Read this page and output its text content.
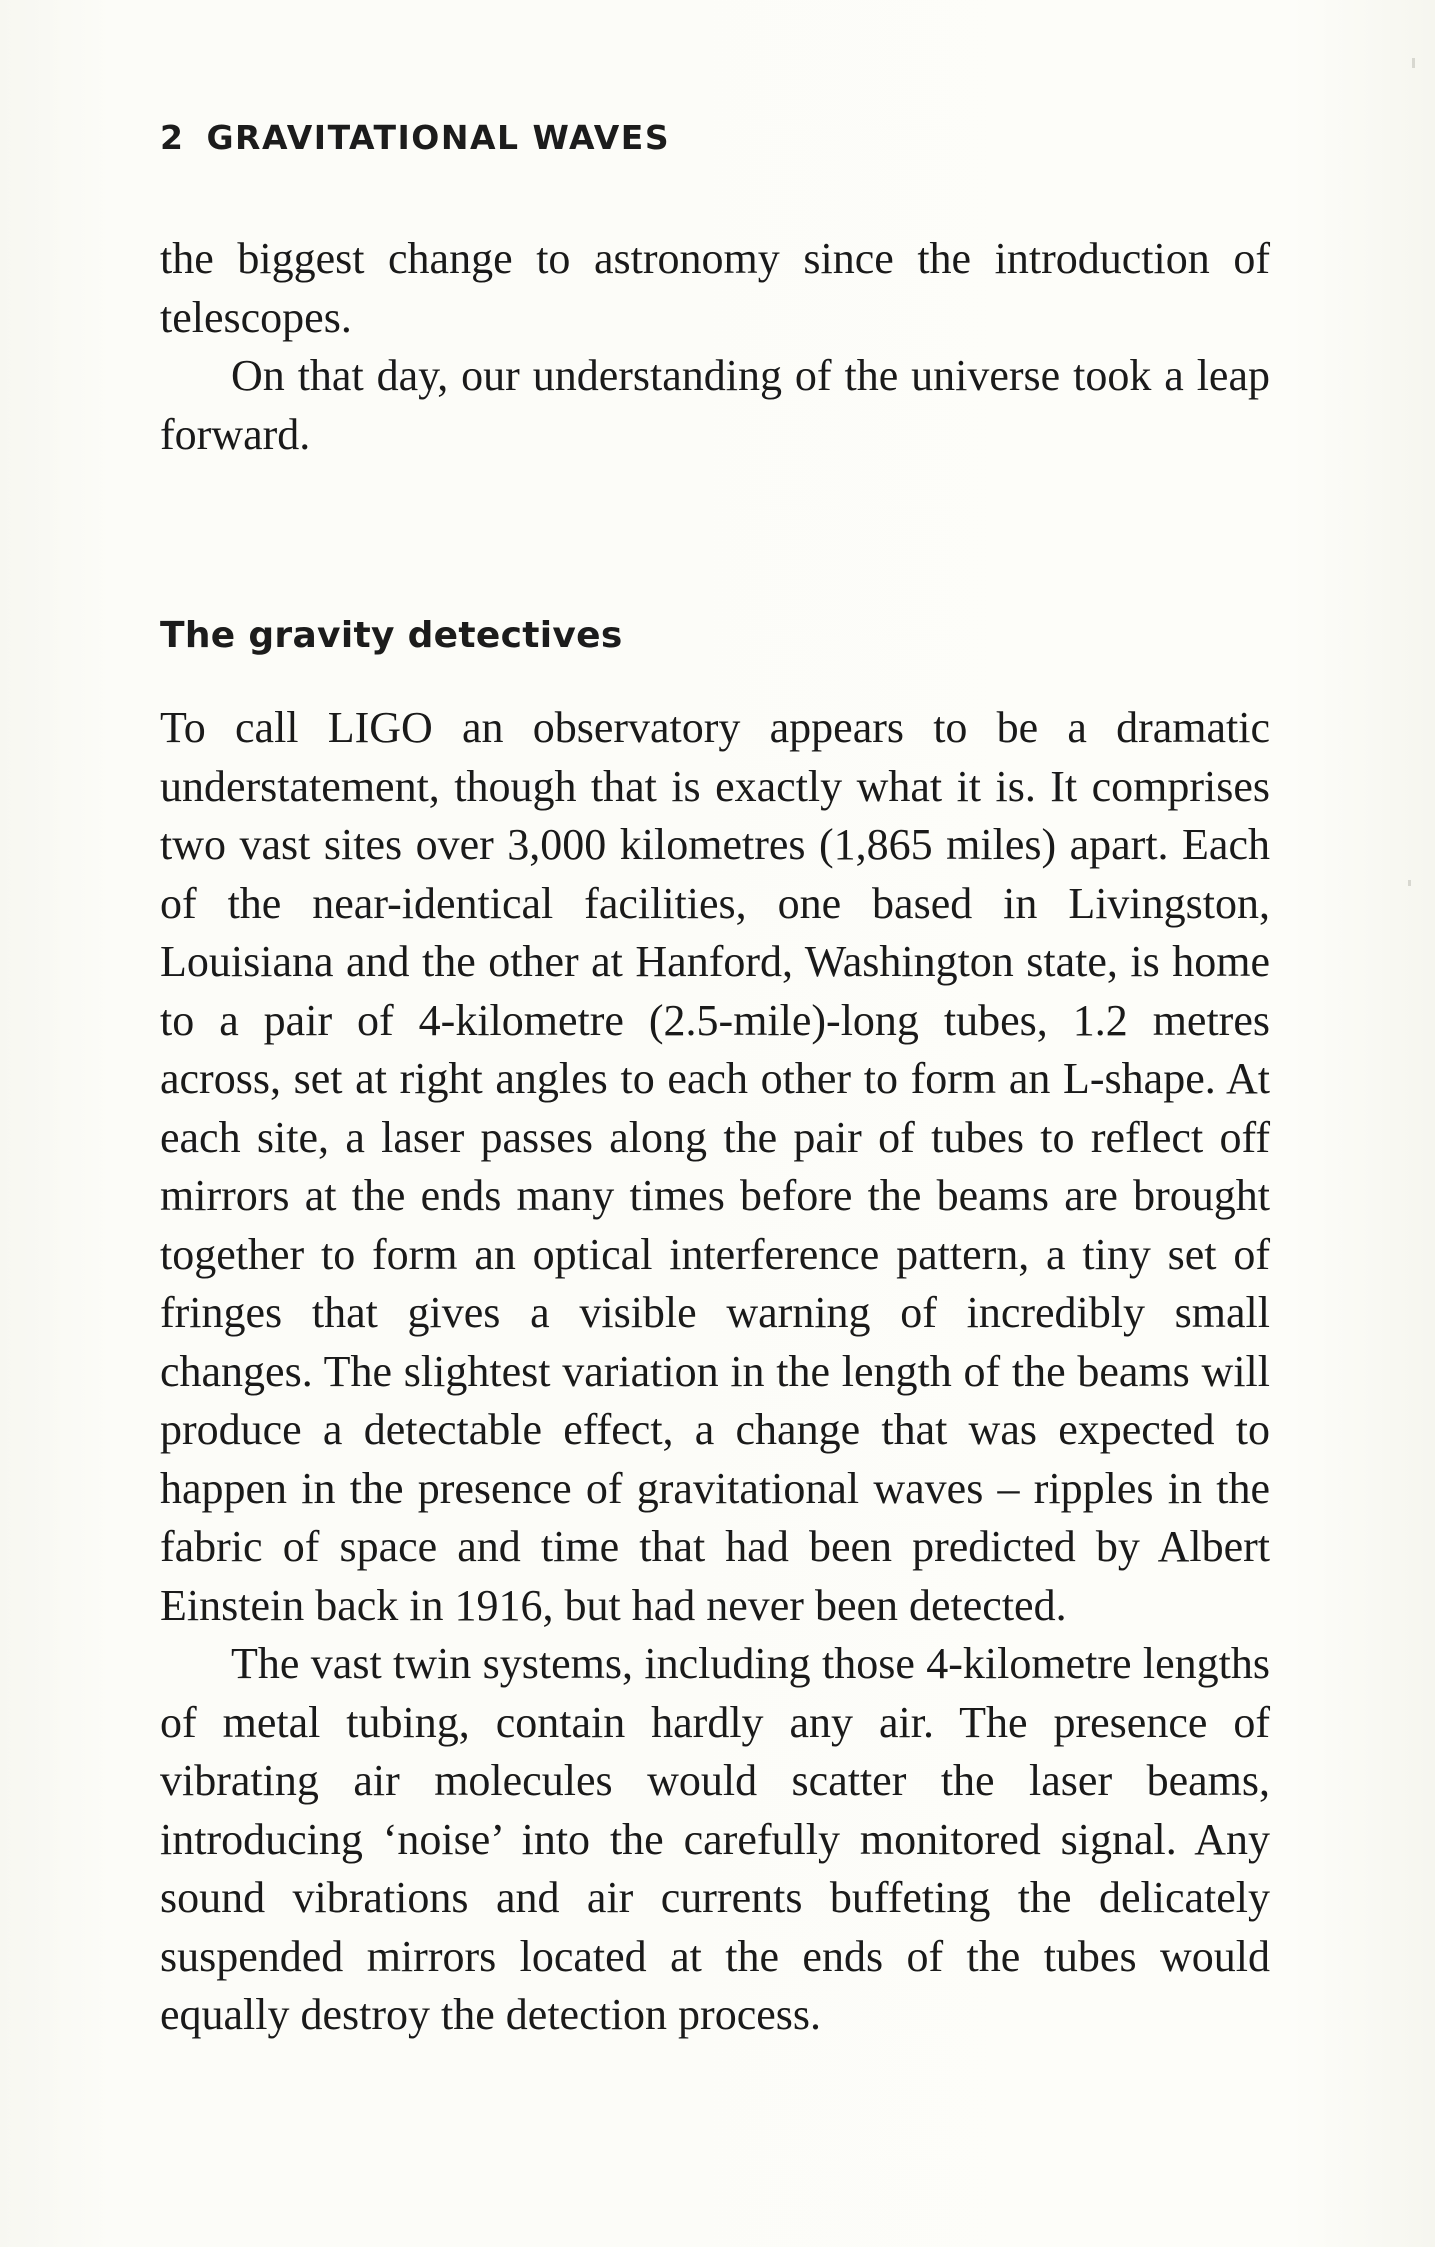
2 GRAVITATIONAL WAVES

the biggest change to astronomy since the introduction of telescopes.

On that day, our understanding of the universe took a leap forward.

The gravity detectives

To call LIGO an observatory appears to be a dramatic understatement, though that is exactly what it is. It comprises two vast sites over 3,000 kilometres (1,865 miles) apart. Each of the near-identical facilities, one based in Livingston, Louisiana and the other at Hanford, Washington state, is home to a pair of 4-kilometre (2.5-mile)-long tubes, 1.2 metres across, set at right angles to each other to form an L-shape. At each site, a laser passes along the pair of tubes to reflect off mirrors at the ends many times before the beams are brought together to form an optical interference pattern, a tiny set of fringes that gives a visible warning of incredibly small changes. The slightest variation in the length of the beams will produce a detectable effect, a change that was expected to happen in the presence of gravitational waves – ripples in the fabric of space and time that had been predicted by Albert Einstein back in 1916, but had never been detected.

The vast twin systems, including those 4-kilometre lengths of metal tubing, contain hardly any air. The presence of vibrating air molecules would scatter the laser beams, introducing ‘noise’ into the carefully monitored signal. Any sound vibrations and air currents buffeting the delicately suspended mirrors located at the ends of the tubes would equally destroy the detection process.
